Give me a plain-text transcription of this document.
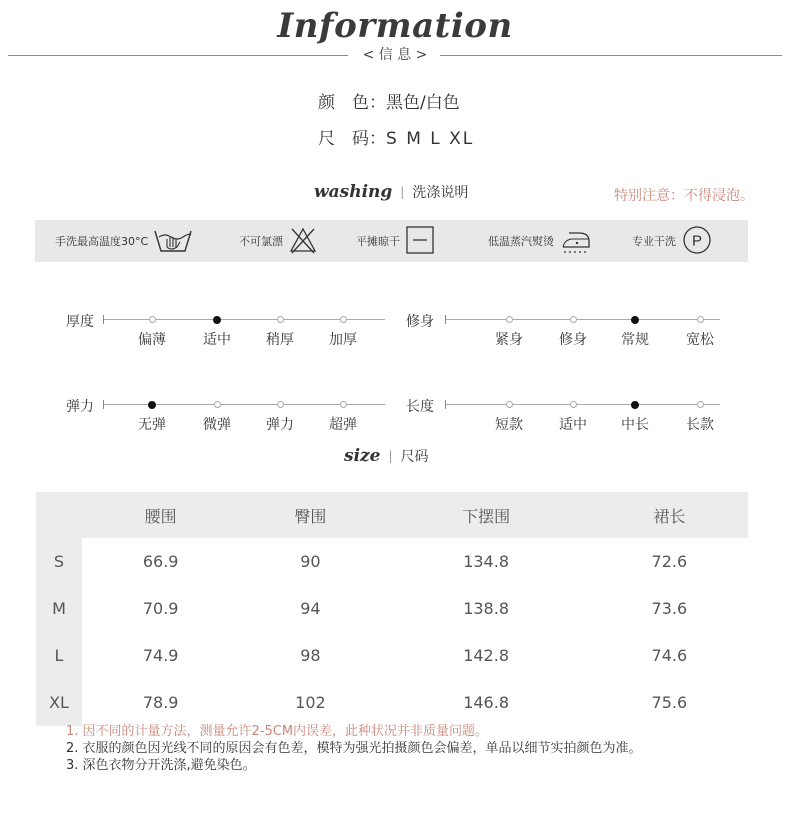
Information
< 信 息 >
颜　色：黑色/白色
尺　码：S M L XL
washing | 洗涤说明	特别注意：不得浸泡。
手洗最高温度30°C	不可氯漂	平摊晾干	低温蒸汽熨烫	专业干洗 P
厚度
偏薄	适中	稍厚	加厚
修身
紧身	修身	常规	宽松
弹力
无弹	微弹	弹力	超弹
长度
短款	适中	中长	长款
size | 尺码
	腰围	臀围	下摆围	裙长
S	66.9	90	134.8	72.6
M	70.9	94	138.8	73.6
L	74.9	98	142.8	74.6
XL	78.9	102	146.8	75.6
1. 因不同的计量方法，测量允许2-5CM内误差，此种状况并非质量问题。
2. 衣服的颜色因光线不同的原因会有色差，模特为强光拍摄颜色会偏差，单品以细节实拍颜色为准。
3. 深色衣物分开洗涤,避免染色。
